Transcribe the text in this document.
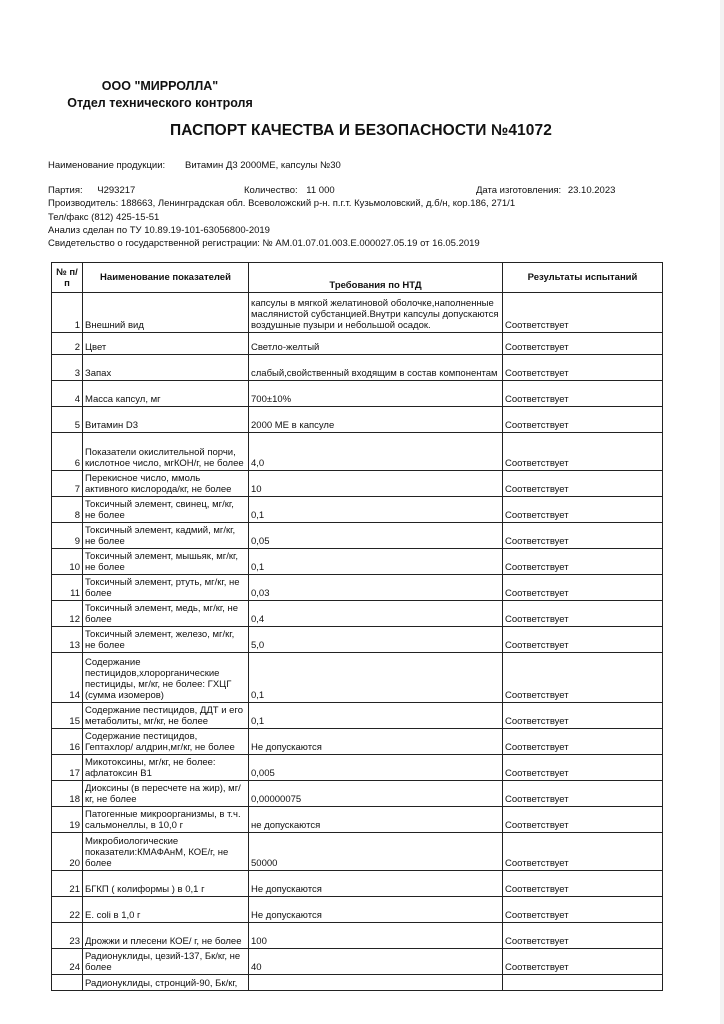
ООО "МИРРОЛЛА"
Отдел технического контроля
ПАСПОРТ КАЧЕСТВА И БЕЗОПАСНОСТИ №41072
Наименование продукции: Витамин Д3 2000МЕ, капсулы №30
Партия: Ч293217	Количество: 11 000	Дата изготовления: 23.10.2023
Производитель: 188663, Ленинградская обл. Всеволожский р-н. п.г.т. Кузьмоловский, д.б/н, кор.186, 271/1
Тел/факс (812) 425-15-51
Анализ сделан по ТУ 10.89.19-101-63056800-2019
Свидетельство о государственной регистрации: № АМ.01.07.01.003.Е.000027.05.19 от 16.05.2019
№ п/п	Наименование показателей	Требования по НТД	Результаты испытаний
1	Внешний вид	капсулы в мягкой желатиновой оболочке,наполненные маслянистой субстанцией.Внутри капсулы допускаются воздушные пузыри и небольшой осадок.	Соответствует
2	Цвет	Светло-желтый	Соответствует
3	Запах	слабый,свойственный входящим в состав компонентам	Соответствует
4	Масса капсул, мг	700±10%	Соответствует
5	Витамин D3	2000 МЕ в капсуле	Соответствует
6	Показатели окислительной порчи, кислотное число, мгКОН/г, не более	4,0	Соответствует
7	Перекисное число, ммоль активного кислорода/кг, не более	10	Соответствует
8	Токсичный элемент, свинец, мг/кг, не более	0,1	Соответствует
9	Токсичный элемент, кадмий, мг/кг, не более	0,05	Соответствует
10	Токсичный элемент, мышьяк, мг/кг, не более	0,1	Соответствует
11	Токсичный элемент, ртуть, мг/кг, не более	0,03	Соответствует
12	Токсичный элемент, медь, мг/кг, не более	0,4	Соответствует
13	Токсичный элемент, железо, мг/кг, не более	5,0	Соответствует
14	Содержание пестицидов,хлорорганические пестициды, мг/кг, не более: ГХЦГ (сумма изомеров)	0,1	Соответствует
15	Содержание пестицидов, ДДТ и его метаболиты, мг/кг, не более	0,1	Соответствует
16	Содержание пестицидов, Гептахлор/ алдрин,мг/кг, не более	Не допускаются	Соответствует
17	Микотоксины, мг/кг, не более: афлатоксин В1	0,005	Соответствует
18	Диоксины (в пересчете на жир), мг/кг, не более	0,00000075	Соответствует
19	Патогенные микроорганизмы, в т.ч. сальмонеллы, в 10,0 г	не допускаются	Соответствует
20	Микробиологические показатели:КМАФАнМ, КОЕ/г, не более	50000	Соответствует
21	БГКП ( колиформы ) в 0,1 г	Не допускаются	Соответствует
22	E. coli в 1,0 г	Не допускаются	Соответствует
23	Дрожжи и плесени КОЕ/ г, не более	100	Соответствует
24	Радионуклиды, цезий-137, Бк/кг, не более	40	Соответствует
	Радионуклиды, стронций-90, Бк/кг,		
